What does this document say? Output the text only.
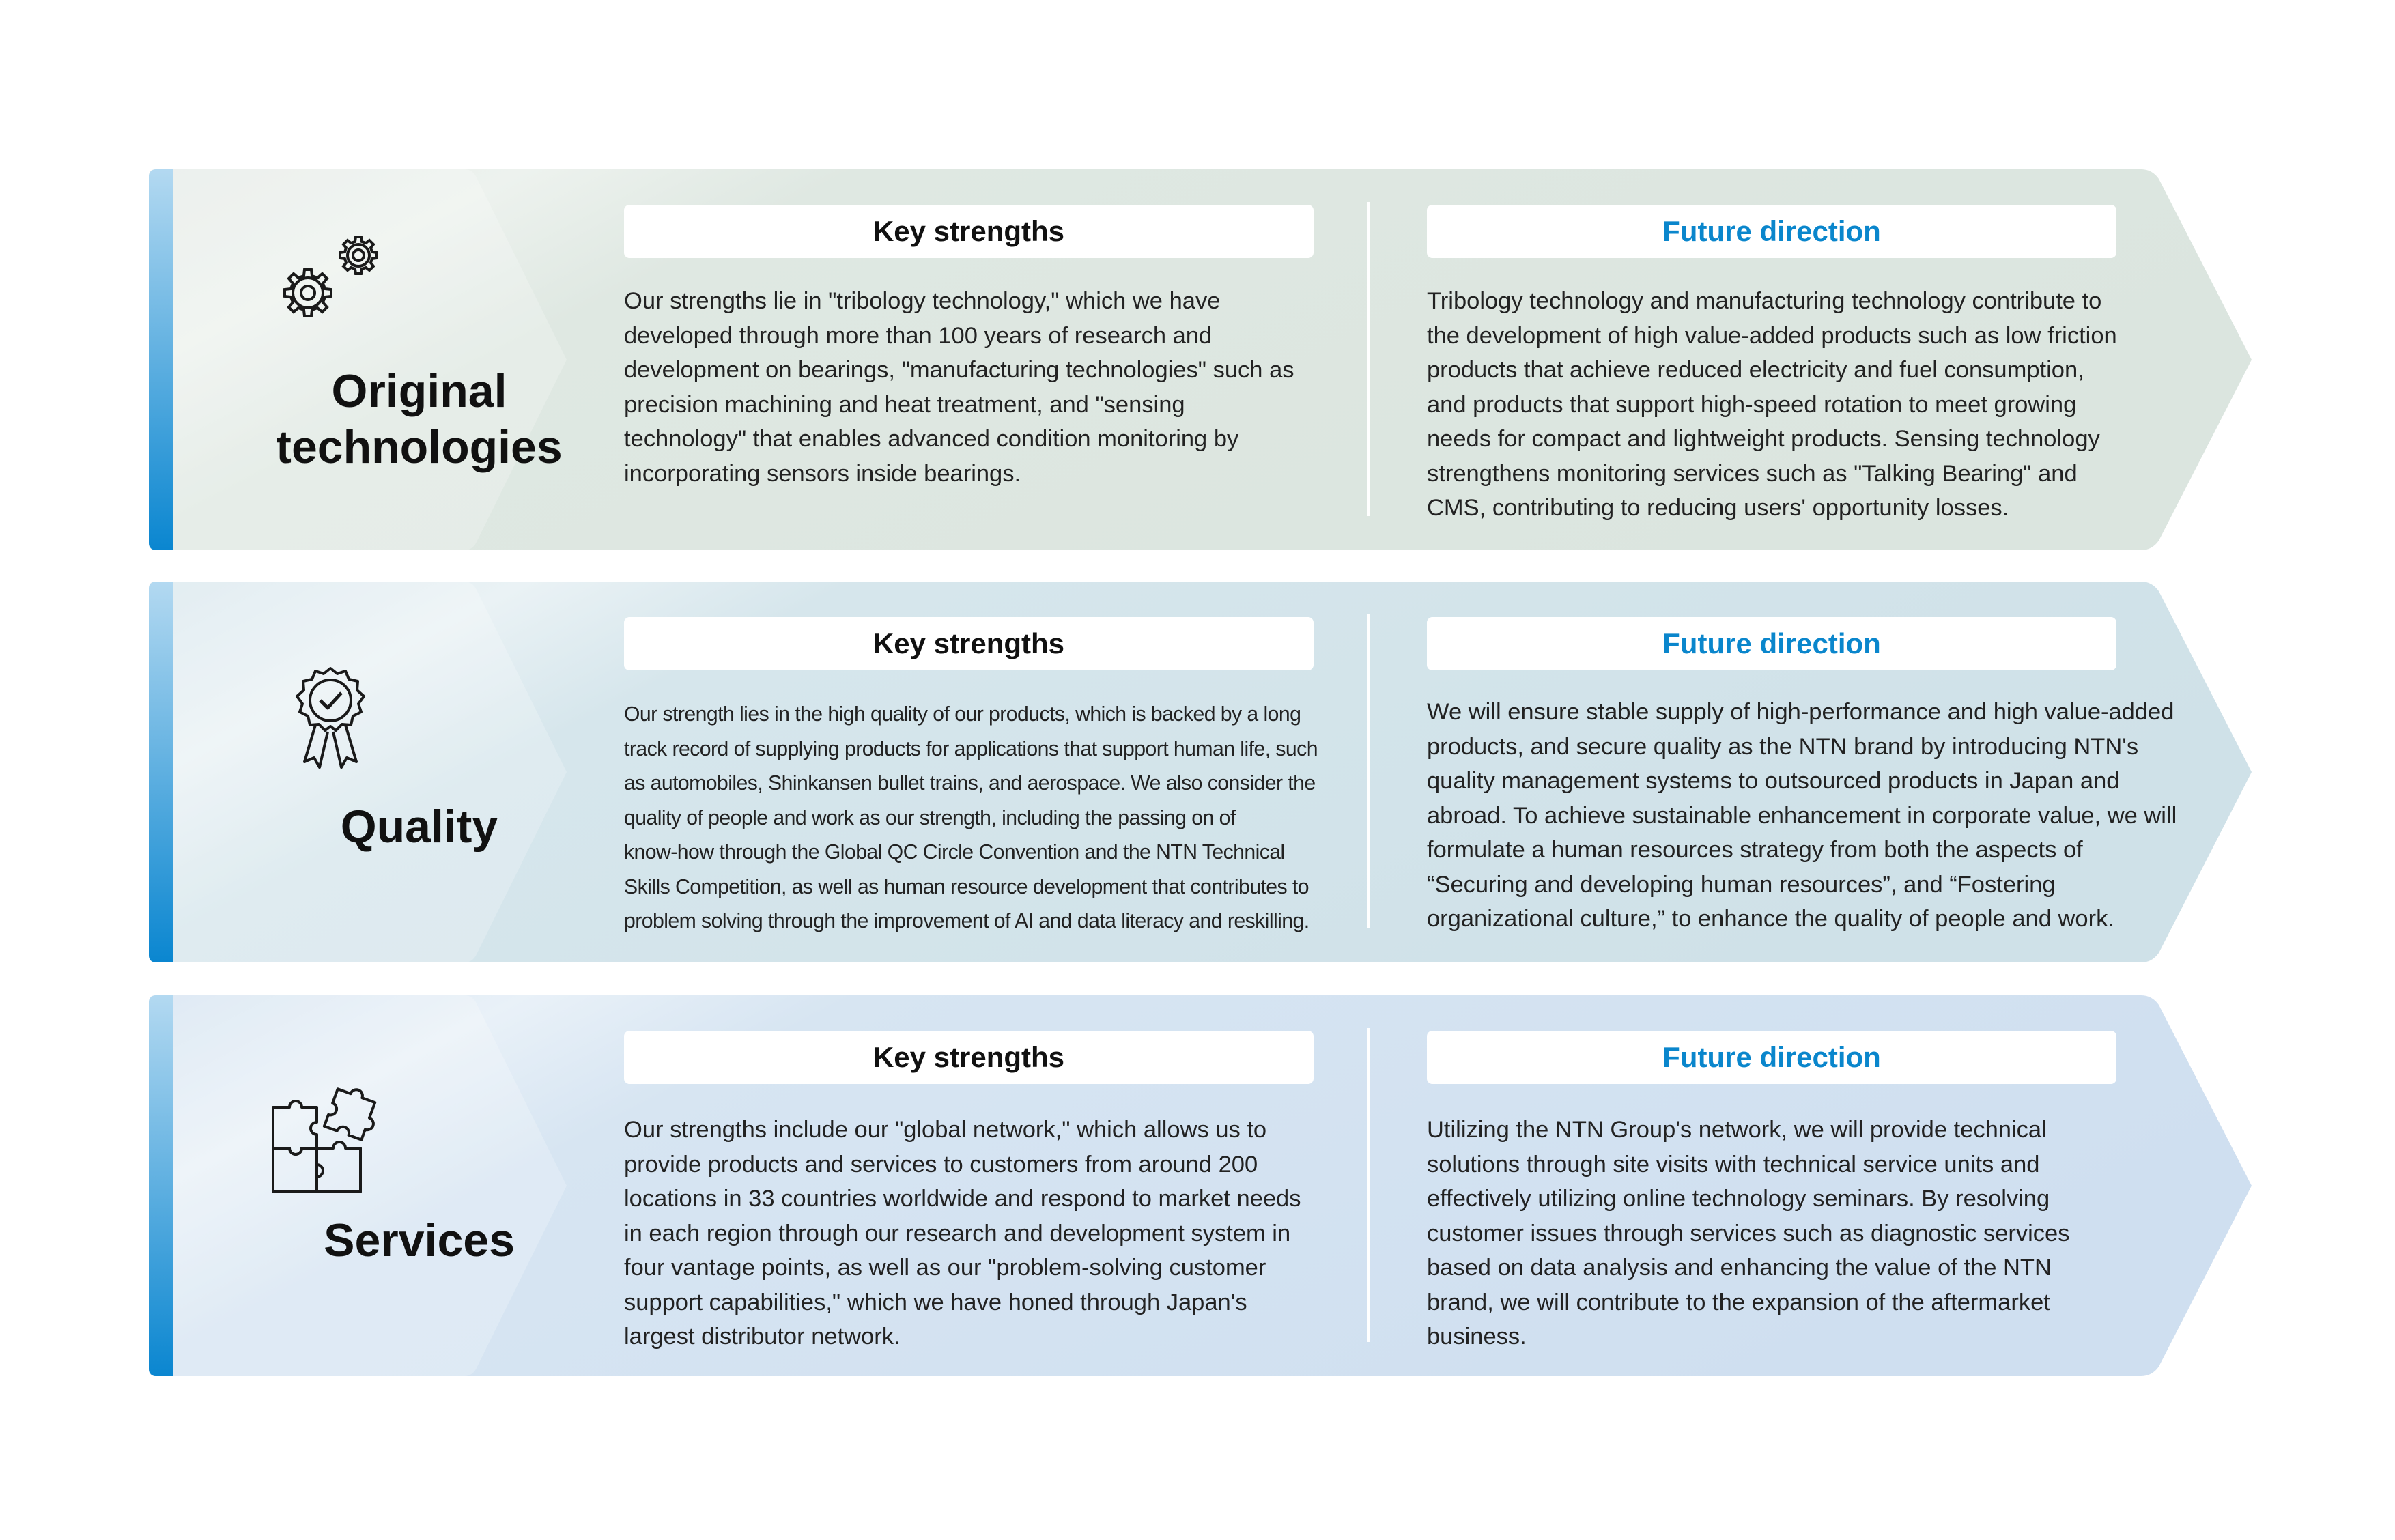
Original
technologies
Key strengths	Future direction
Our strengths lie in "tribology technology," which we have
developed through more than 100 years of research and
development on bearings, "manufacturing technologies" such as
precision machining and heat treatment, and "sensing
technology" that enables advanced condition monitoring by
incorporating sensors inside bearings.
Tribology technology and manufacturing technology contribute to
the development of high value-added products such as low friction
products that achieve reduced electricity and fuel consumption,
and products that support high-speed rotation to meet growing
needs for compact and lightweight products. Sensing technology
strengthens monitoring services such as "Talking Bearing" and
CMS, contributing to reducing users' opportunity losses.
Quality
Key strengths	Future direction
Our strength lies in the high quality of our products, which is backed by a long
track record of supplying products for applications that support human life, such
as automobiles, Shinkansen bullet trains, and aerospace. We also consider the
quality of people and work as our strength, including the passing on of
know-how through the Global QC Circle Convention and the NTN Technical
Skills Competition, as well as human resource development that contributes to
problem solving through the improvement of AI and data literacy and reskilling.
We will ensure stable supply of high-performance and high value-added
products, and secure quality as the NTN brand by introducing NTN's
quality management systems to outsourced products in Japan and
abroad. To achieve sustainable enhancement in corporate value, we will
formulate a human resources strategy from both the aspects of
“Securing and developing human resources”, and “Fostering
organizational culture,” to enhance the quality of people and work.
Services
Key strengths	Future direction
Our strengths include our "global network," which allows us to
provide products and services to customers from around 200
locations in 33 countries worldwide and respond to market needs
in each region through our research and development system in
four vantage points, as well as our "problem-solving customer
support capabilities," which we have honed through Japan's
largest distributor network.
Utilizing the NTN Group's network, we will provide technical
solutions through site visits with technical service units and
effectively utilizing online technology seminars. By resolving
customer issues through services such as diagnostic services
based on data analysis and enhancing the value of the NTN
brand, we will contribute to the expansion of the aftermarket
business.
